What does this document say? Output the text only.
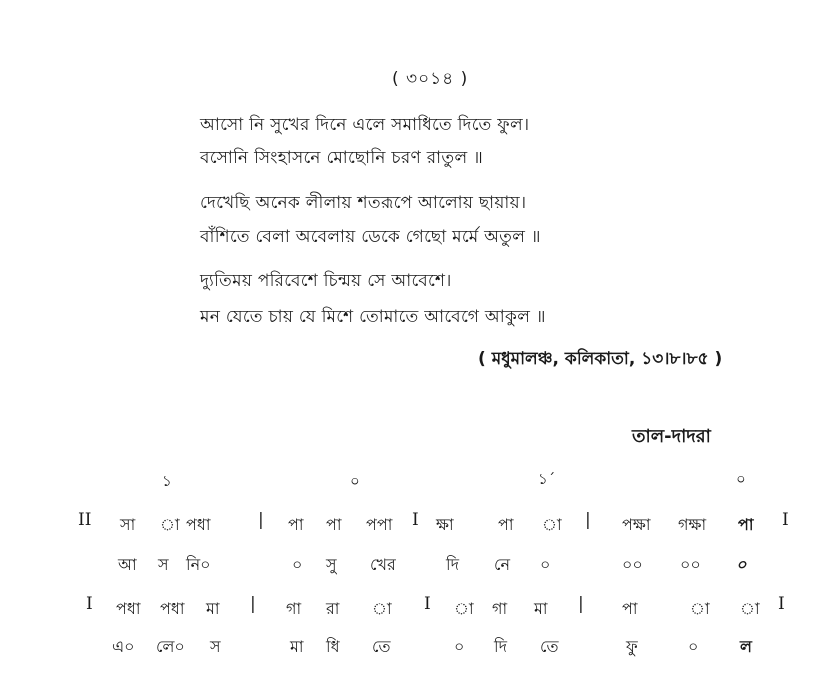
( ৩০১৪ )
আসো নি সুখের দিনে এলে সমাধিতে দিতে ফুল।
বসোনি সিংহাসনে মোছোনি চরণ রাতুল ॥
দেখেছি অনেক লীলায় শতরূপে আলোয় ছায়ায়।
বাঁশিতে বেলা অবেলায় ডেকে গেছো মর্মে অতুল ॥
দ্যুতিময় পরিবেশে চিন্ময় সে আবেশে।
মন যেতে চায় যে মিশে তোমাতে আবেগে আকুল ॥
( মধুমালঞ্চ, কলিকাতা, ১৩।৮।৮৫ )
তাল-দাদরা
১	০	১´	০
II সা া পধা	| পা পা পপা I ক্ষা	পা া | পক্ষা গক্ষা পা I
আ স নি০	০ সু খের	দি নে ০	০০ ০০ ০
I পধা পধা মা | গা রা া I া গা মা | পা	া া I
এ০ লে০ স	মা ধি তে	০ দি তে	ফু	০	ল
